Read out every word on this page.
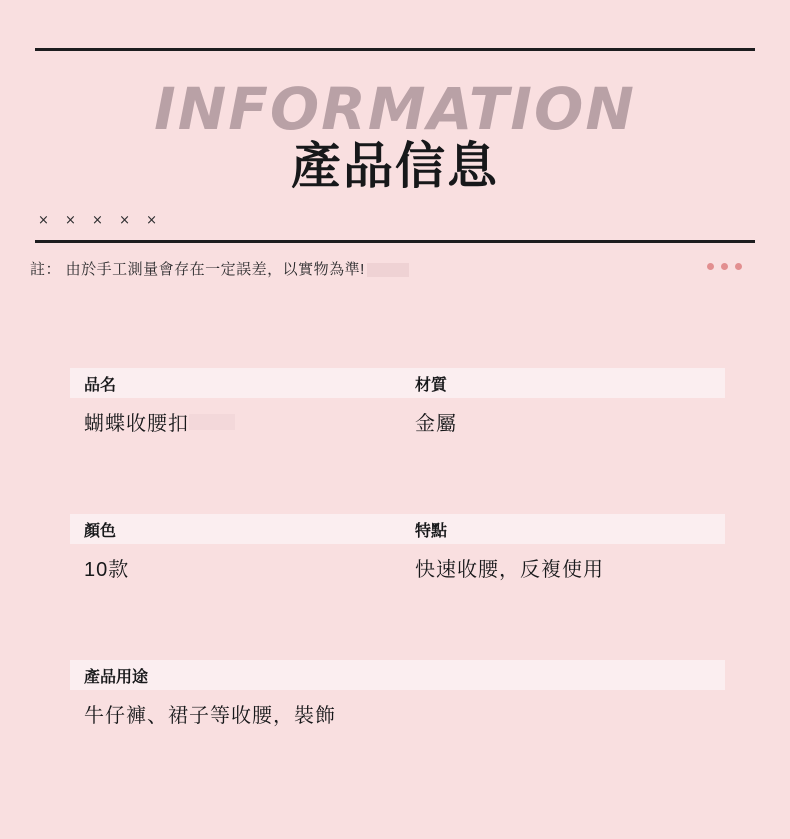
INFORMATION
產品信息
× × × × ×
註： 由於手工測量會存在一定誤差，以實物為準!
品名	材質
蝴蝶收腰扣	金屬
顏色	特點
10款	快速收腰，反複使用
產品用途
牛仔褲、裙子等收腰，裝飾
